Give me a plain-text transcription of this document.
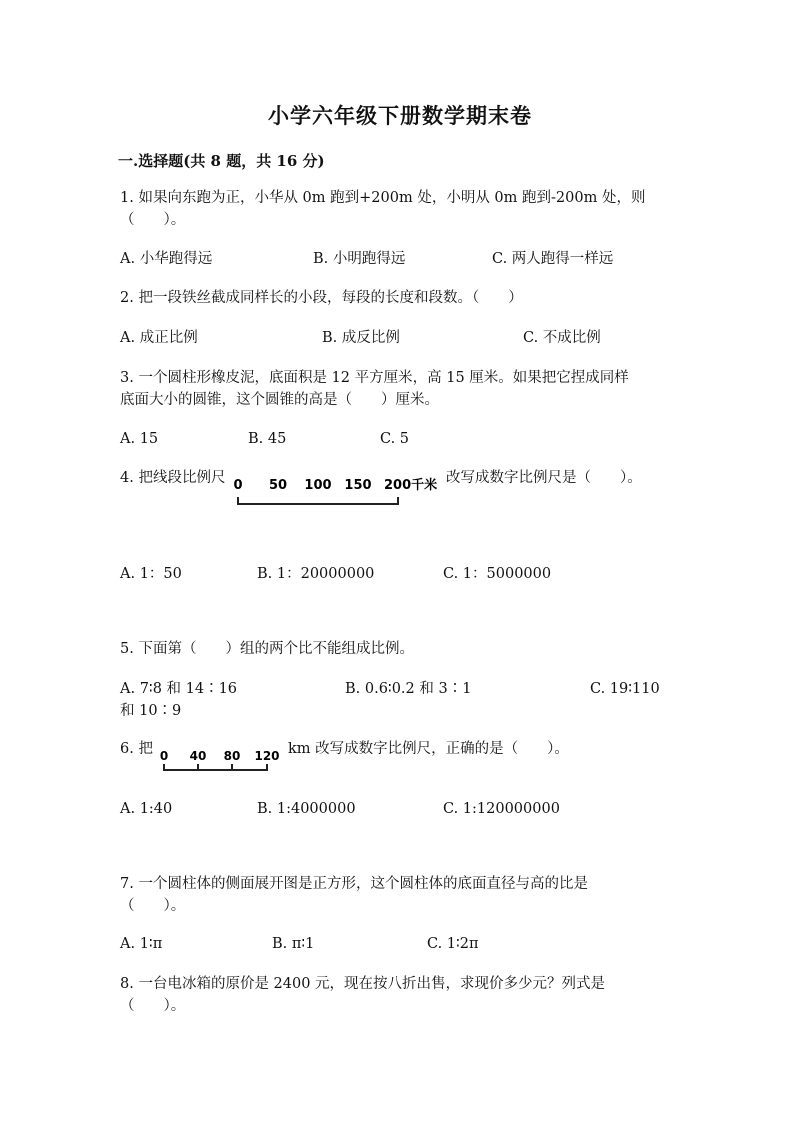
小学六年级下册数学期末卷
一.选择题(共 8 题，共 16 分)
1. 如果向东跑为正，小华从 0m 跑到+200m 处，小明从 0m 跑到-200m 处，则
（　　）。
A. 小华跑得远	B. 小明跑得远	C. 两人跑得一样远
2. 把一段铁丝截成同样长的小段，每段的长度和段数。（　　）
A. 成正比例	B. 成反比例	C. 不成比例
3. 一个圆柱形橡皮泥，底面积是 12 平方厘米，高 15 厘米。如果把它捏成同样
底面大小的圆锥，这个圆锥的高是（　　）厘米。
A. 15	B. 45	C. 5
4. 把线段比例尺 0 50 100 150 200千米 改写成数字比例尺是（　　）。
A. 1：50	B. 1：20000000	C. 1：5000000
5. 下面第（　　）组的两个比不能组成比例。
A. 7∶8 和 14∶16	B. 0.6∶0.2 和 3∶1	C. 19∶110
和 10∶9
6. 把 0 40 80 120 km 改写成数字比例尺，正确的是（　　）。
A. 1:40	B. 1:4000000	C. 1:120000000
7. 一个圆柱体的侧面展开图是正方形，这个圆柱体的底面直径与高的比是
（　　）。
A. 1∶π	B. π∶1	C. 1∶2π
8. 一台电冰箱的原价是 2400 元，现在按八折出售，求现价多少元？列式是
（　　）。
